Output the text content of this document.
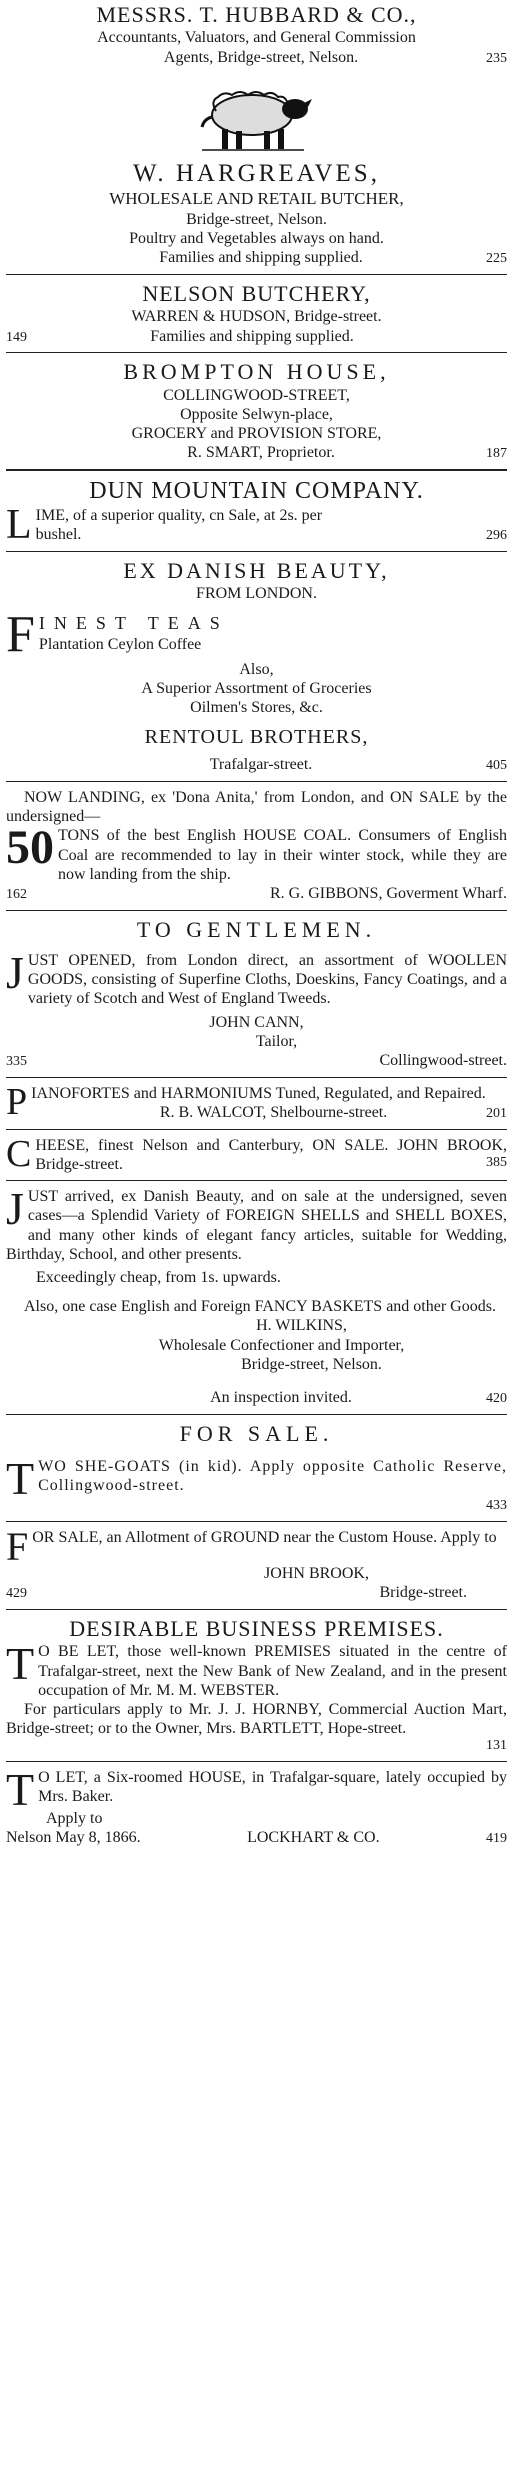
MESSRS. T. HUBBARD & CO.,
Accountants, Valuators, and General Commission
Agents, Bridge-street, Nelson.	235
W. HARGREAVES,
WHOLESALE AND RETAIL BUTCHER,
Bridge-street, Nelson.
Poultry and Vegetables always on hand.
Families and shipping supplied.	225
NELSON BUTCHERY,
WARREN & HUDSON, Bridge-street.
149	Families and shipping supplied.
BROMPTON HOUSE,
COLLINGWOOD-STREET,
Opposite Selwyn-place,
GROCERY and PROVISION STORE,
R. SMART, Proprietor.	187
DUN MOUNTAIN COMPANY.
L IME, of a superior quality, cn Sale, at 2s. per
bushel.	296
EX DANISH BEAUTY,
FROM LONDON.
F INEST TEAS
Plantation Ceylon Coffee
Also,
A Superior Assortment of Groceries
Oilmen's Stores, &c.
RENTOUL BROTHERS,
Trafalgar-street.	405
NOW LANDING, ex 'Dona Anita,' from London, and ON SALE by the undersigned—
50 TONS of the best English HOUSE COAL. Consumers of English Coal are recommended to lay in their winter stock, while they are now landing from the ship.
162	R. G. GIBBONS, Goverment Wharf.
TO GENTLEMEN.
J UST OPENED, from London direct, an assortment of WOOLLEN GOODS, consisting of Superfine Cloths, Doeskins, Fancy Coatings, and a variety of Scotch and West of England Tweeds.
JOHN CANN,
Tailor,
335	Collingwood-street.
P IANOFORTES and HARMONIUMS Tuned, Regulated, and Repaired.
R. B. WALCOT, Shelbourne-street.	201
C HEESE, finest Nelson and Canterbury, ON SALE. JOHN BROOK, Bridge-street.	385
J UST arrived, ex Danish Beauty, and on sale at the undersigned, seven cases—a Splendid Variety of FOREIGN SHELLS and SHELL BOXES, and many other kinds of elegant fancy articles, suitable for Wedding, Birthday, School, and other presents.
Exceedingly cheap, from 1s. upwards.
Also, one case English and Foreign FANCY BASKETS and other Goods.
H. WILKINS,
Wholesale Confectioner and Importer,
Bridge-street, Nelson.
An inspection invited.	420
FOR SALE.
T WO SHE-GOATS (in kid). Apply opposite Catholic Reserve, Collingwood-street.
433
F OR SALE, an Allotment of GROUND near the Custom House. Apply to
JOHN BROOK,
429	Bridge-street.
DESIRABLE BUSINESS PREMISES.
T O BE LET, those well-known PREMISES situated in the centre of Trafalgar-street, next the New Bank of New Zealand, and in the present occupation of Mr. M. M. WEBSTER.
For particulars apply to Mr. J. J. HORNBY, Commercial Auction Mart, Bridge-street; or to the Owner, Mrs. BARTLETT, Hope-street.
131
T O LET, a Six-roomed HOUSE, in Trafalgar-square, lately occupied by Mrs. Baker.
Apply to
Nelson May 8, 1866.	LOCKHART & CO.	419
